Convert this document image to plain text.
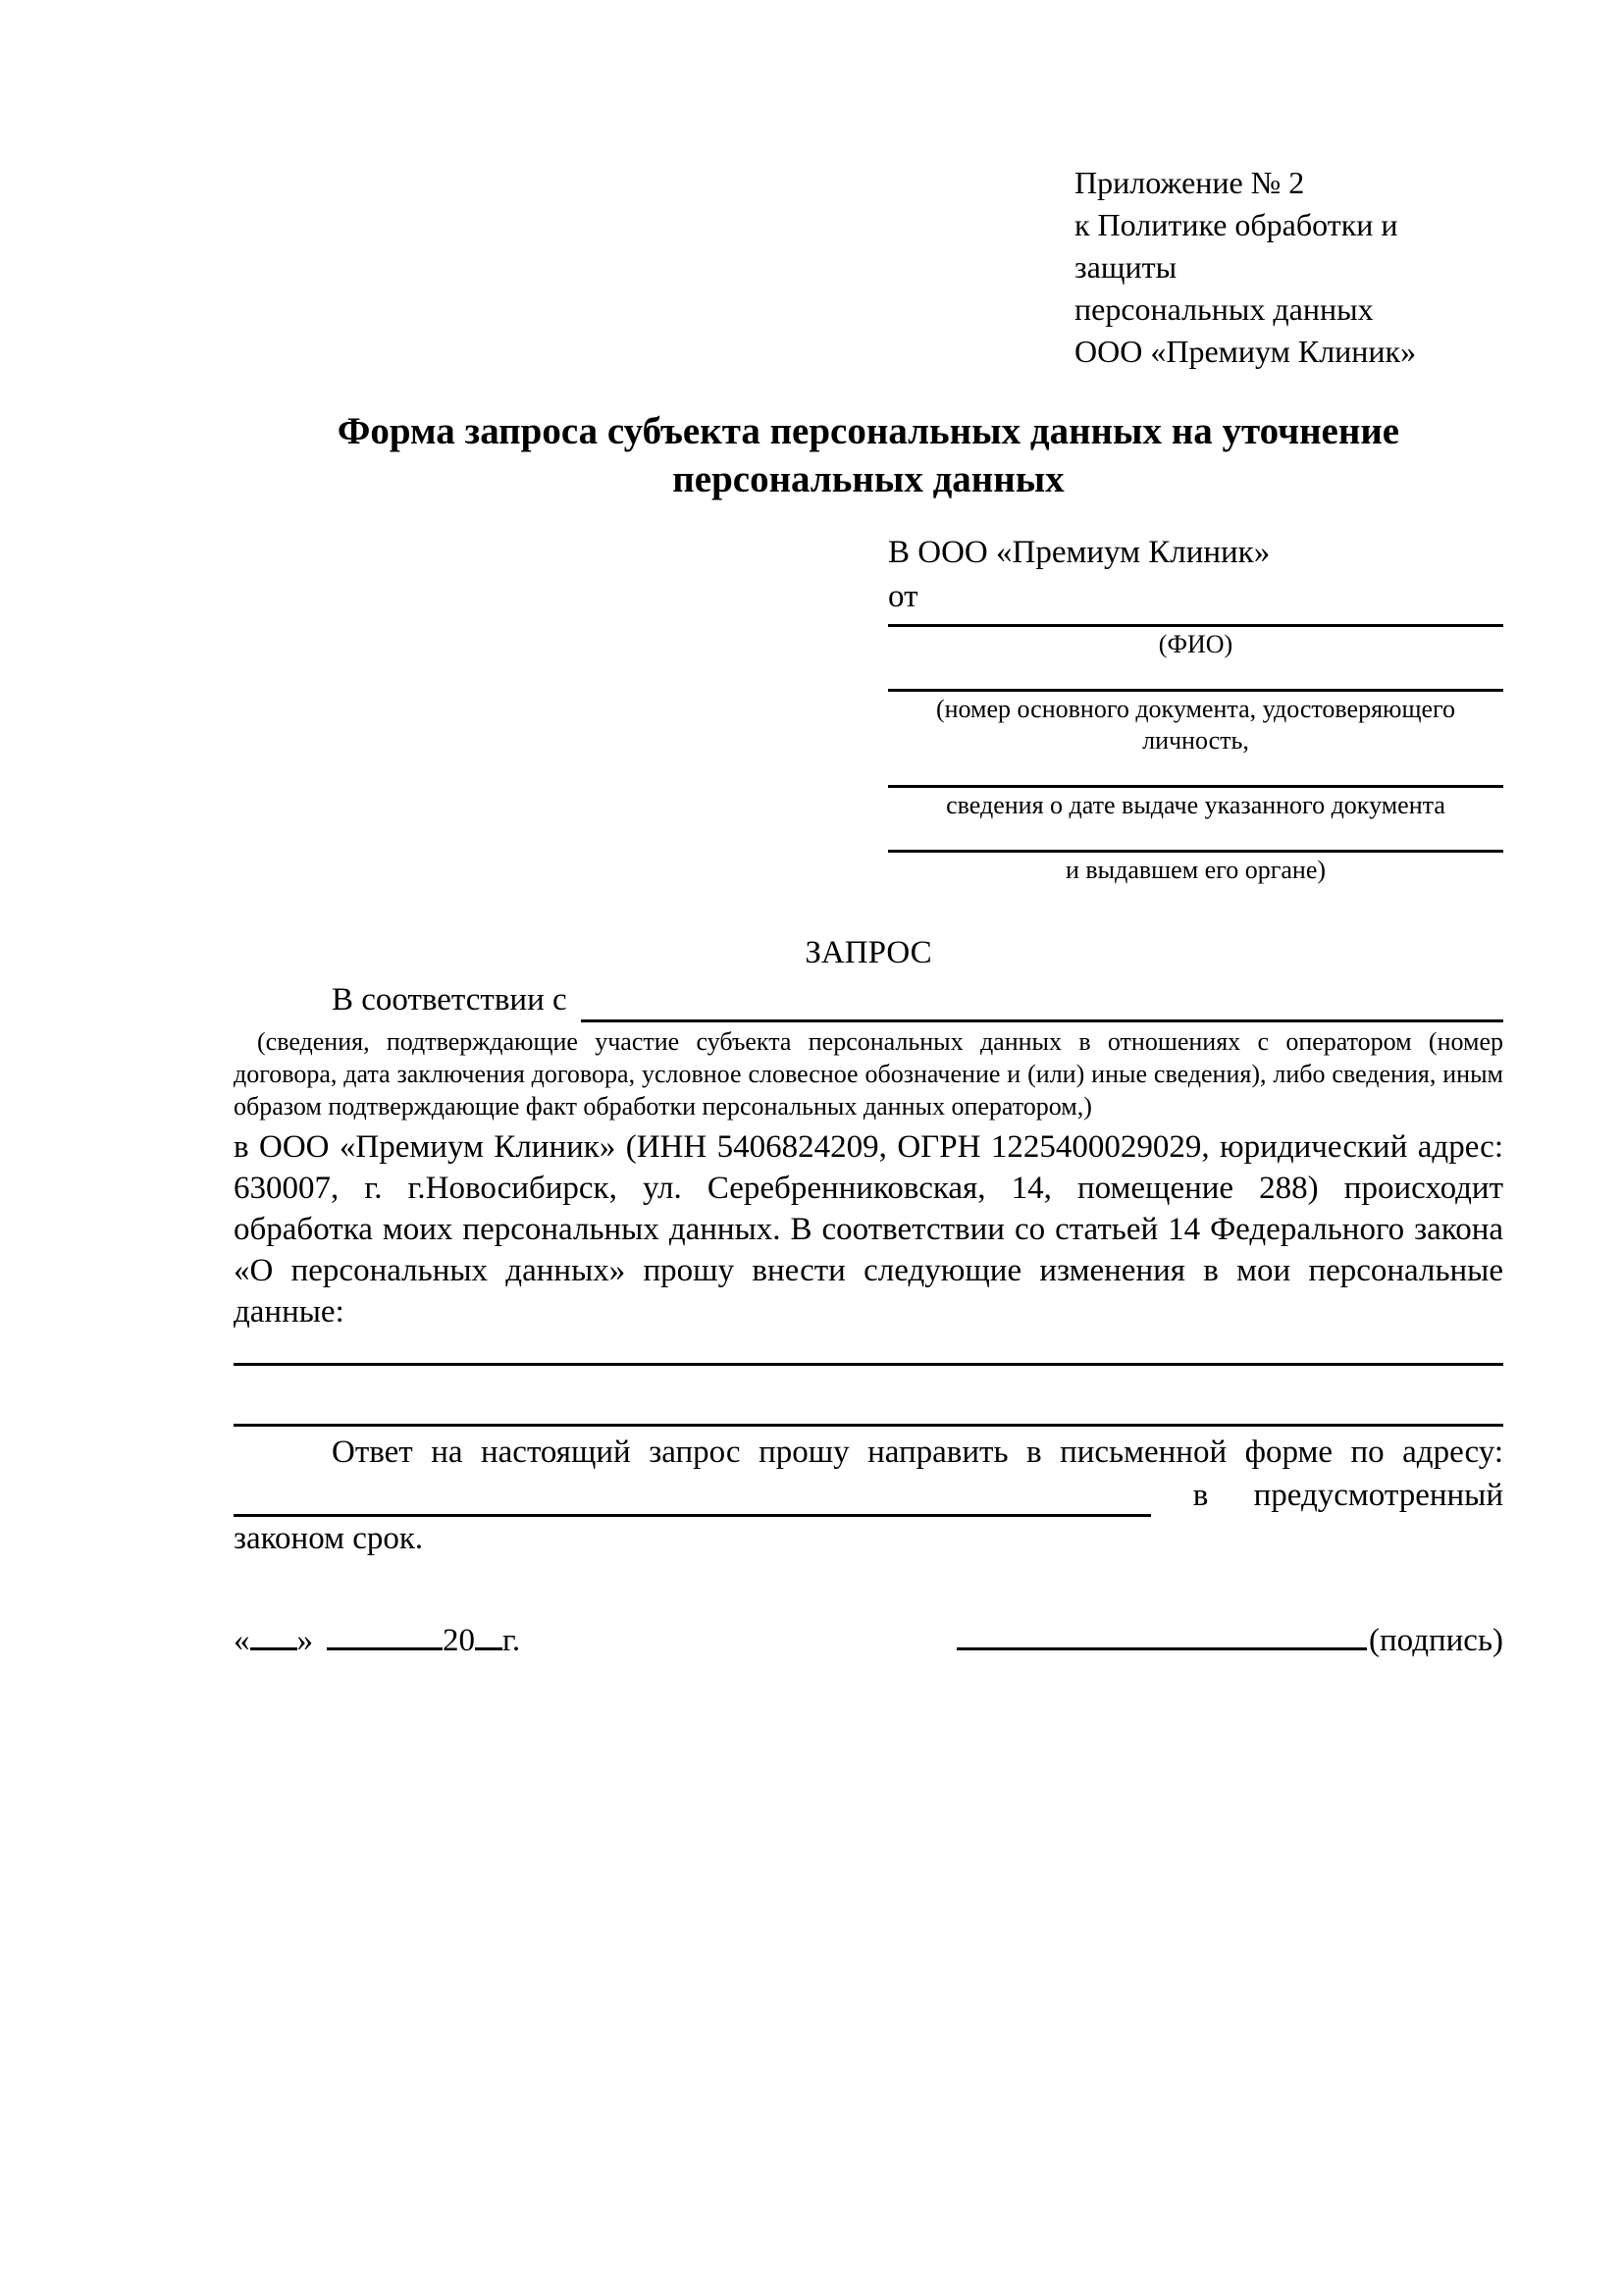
Приложение № 2
к Политике обработки и защиты
персональных данных
ООО «Премиум Клиник»
Форма запроса субъекта персональных данных на уточнение персональных данных
В ООО «Премиум Клиник»
от
(ФИО)
(номер основного документа, удостоверяющего личность,
сведения о дате выдаче указанного документа
и выдавшем его органе)
ЗАПРОС
В соответствии с
(сведения, подтверждающие участие субъекта персональных данных в отношениях с оператором (номер договора, дата заключения договора, условное словесное обозначение и (или) иные сведения), либо сведения, иным образом подтверждающие факт обработки персональных данных оператором,)
в ООО «Премиум Клиник» (ИНН 5406824209, ОГРН 1225400029029, юридический адрес: 630007, г. г.Новосибирск, ул. Серебренниковская, 14, помещение 288) происходит обработка моих персональных данных. В соответствии со статьей 14 Федерального закона «О персональных данных» прошу внести следующие изменения в мои персональные данные:
Ответ на настоящий запрос прошу направить в письменной форме по адресу:
в предусмотренный
законом срок.
« »	20 г.	(подпись)
